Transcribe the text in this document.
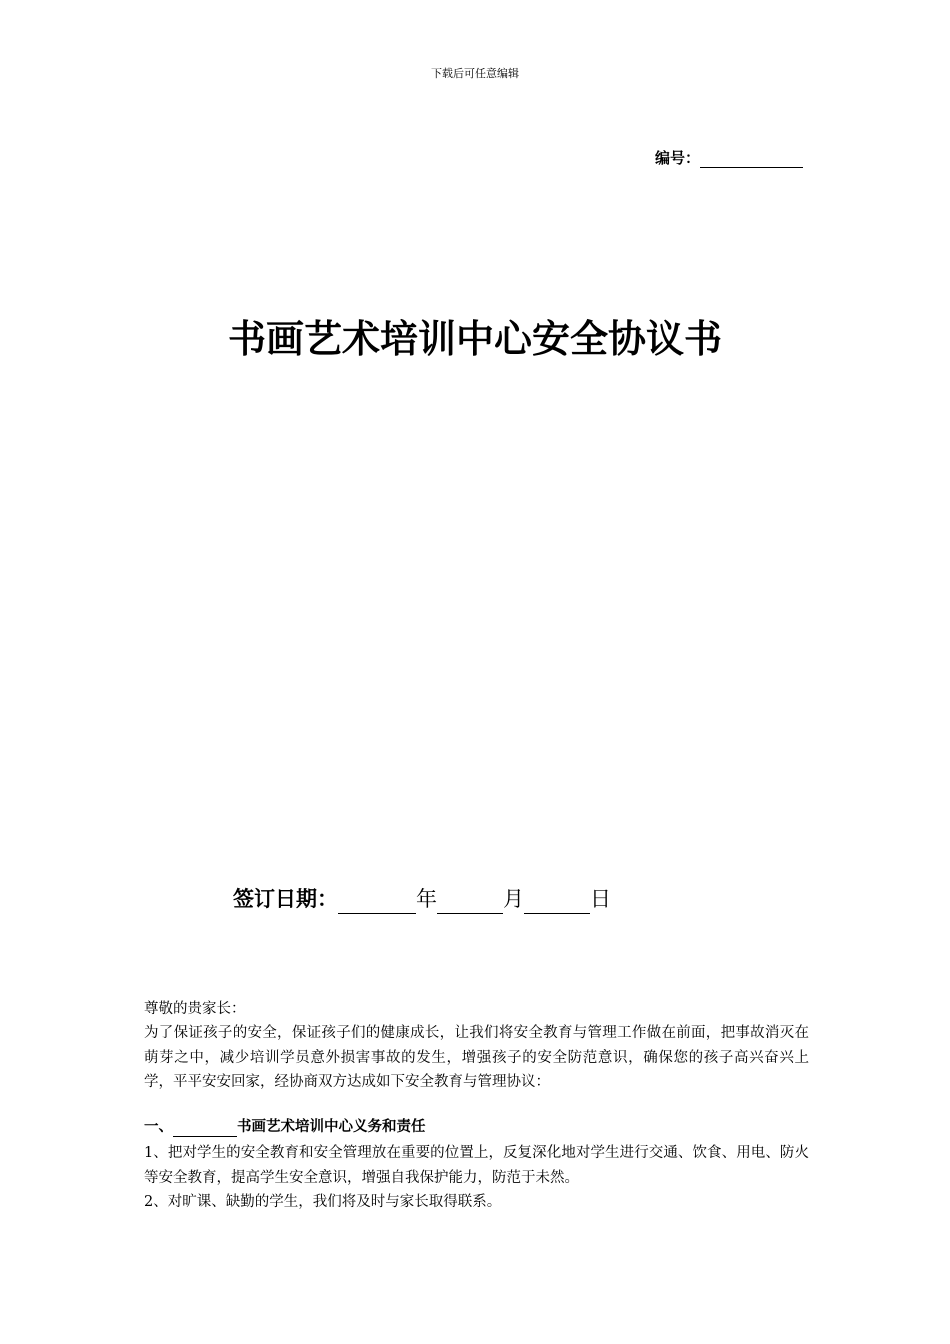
下载后可任意编辑
编号：
书画艺术培训中心安全协议书
签订日期：	年	月	日
尊敬的贵家长：
为了保证孩子的安全，保证孩子们的健康成长，让我们将安全教育与管理工作做在前面，把事故消灭在萌芽之中，减少培训学员意外损害事故的发生，增强孩子的安全防范意识，确保您的孩子高兴奋兴上学，平平安安回家，经协商双方达成如下安全教育与管理协议：
一、	书画艺术培训中心义务和责任

1、把对学生的安全教育和安全管理放在重要的位置上，反复深化地对学生进行交通、饮食、用电、防火等安全教育，提高学生安全意识，增强自我保护能力，防范于未然。

2、对旷课、缺勤的学生，我们将及时与家长取得联系。
